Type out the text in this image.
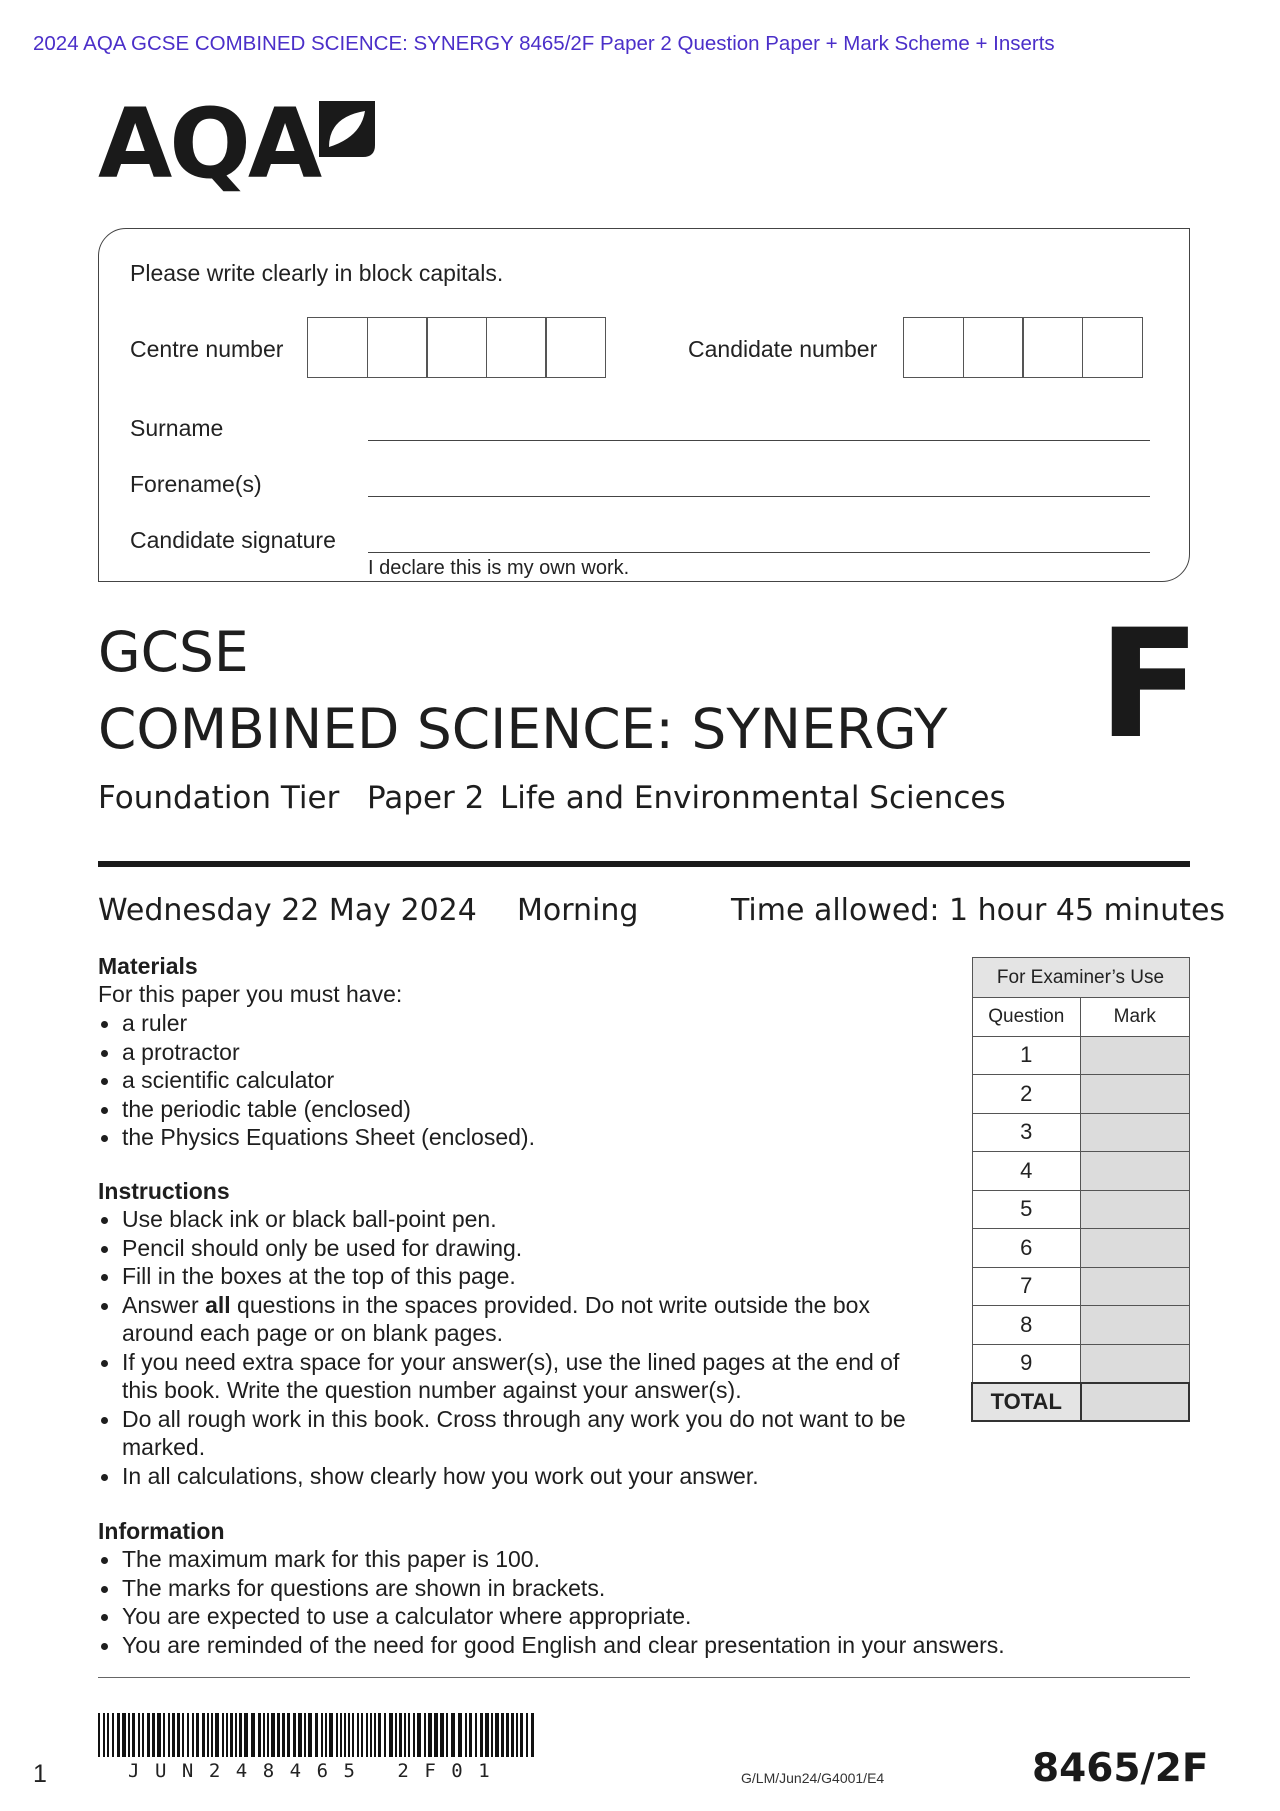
2024 AQA GCSE COMBINED SCIENCE: SYNERGY 8465/2F Paper 2 Question Paper + Mark Scheme + Inserts
AQA
Please write clearly in block capitals.
Centre number	Candidate number
Surname
Forename(s)
Candidate signature
I declare this is my own work.
GCSE
COMBINED SCIENCE: SYNERGY
Foundation Tier Paper 2 Life and Environmental Sciences
F
Wednesday 22 May 2024 Morning	Time allowed: 1 hour 45 minutes
Materials
For this paper you must have:
a ruler
a protractor
a scientific calculator
the periodic table (enclosed)
the Physics Equations Sheet (enclosed).
Instructions
Use black ink or black ball-point pen.
Pencil should only be used for drawing.
Fill in the boxes at the top of this page.
Answer all questions in the spaces provided. Do not write outside the box around each page or on blank pages.
If you need extra space for your answer(s), use the lined pages at the end of this book. Write the question number against your answer(s).
Do all rough work in this book. Cross through any work you do not want to be marked.
In all calculations, show clearly how you work out your answer.
Information
The maximum mark for this paper is 100.
The marks for questions are shown in brackets.
You are expected to use a calculator where appropriate.
You are reminded of the need for good English and clear presentation in your answers.
For Examiner’s Use	
Question	Mark
1	
2	
3	
4	
5	
6	
7	
8	
9	
TOTAL	
JUN248465 2F01
1	G/LM/Jun24/G4001/E4	8465/2F
